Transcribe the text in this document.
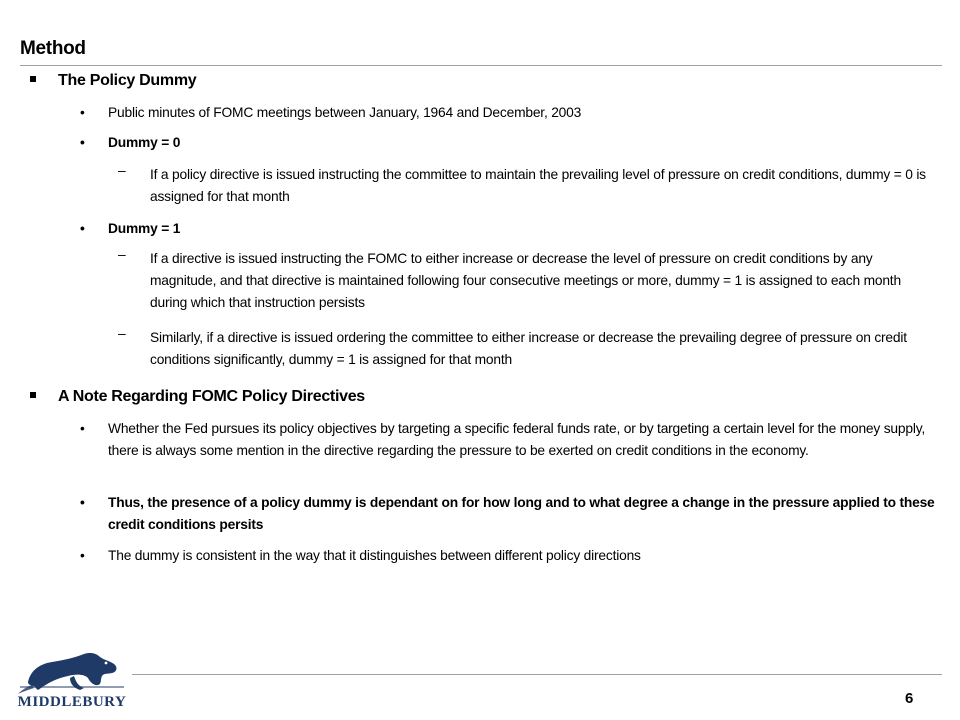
Method
The Policy Dummy
• Public minutes of FOMC meetings between January, 1964 and December, 2003
• Dummy = 0
– If a policy directive is issued instructing the committee to maintain the prevailing level of pressure on credit conditions, dummy = 0 is assigned for that month
• Dummy = 1
– If a directive is issued instructing the FOMC to either increase or decrease the level of pressure on credit conditions by any magnitude, and that directive is maintained following four consecutive meetings or more, dummy = 1 is assigned to each month during which that instruction persists
– Similarly, if a directive is issued ordering the committee to either increase or decrease the prevailing degree of pressure on credit conditions significantly, dummy = 1 is assigned for that month
A Note Regarding FOMC Policy Directives
• Whether the Fed pursues its policy objectives by targeting a specific federal funds rate, or by targeting a certain level for the money supply, there is always some mention in the directive regarding the pressure to be exerted on credit conditions in the economy.
• Thus, the presence of a policy dummy is dependant on for how long and to what degree a change in the pressure applied to these credit conditions persits
• The dummy is consistent in the way that it distinguishes between different policy directions
MIDDLEBURY	6
